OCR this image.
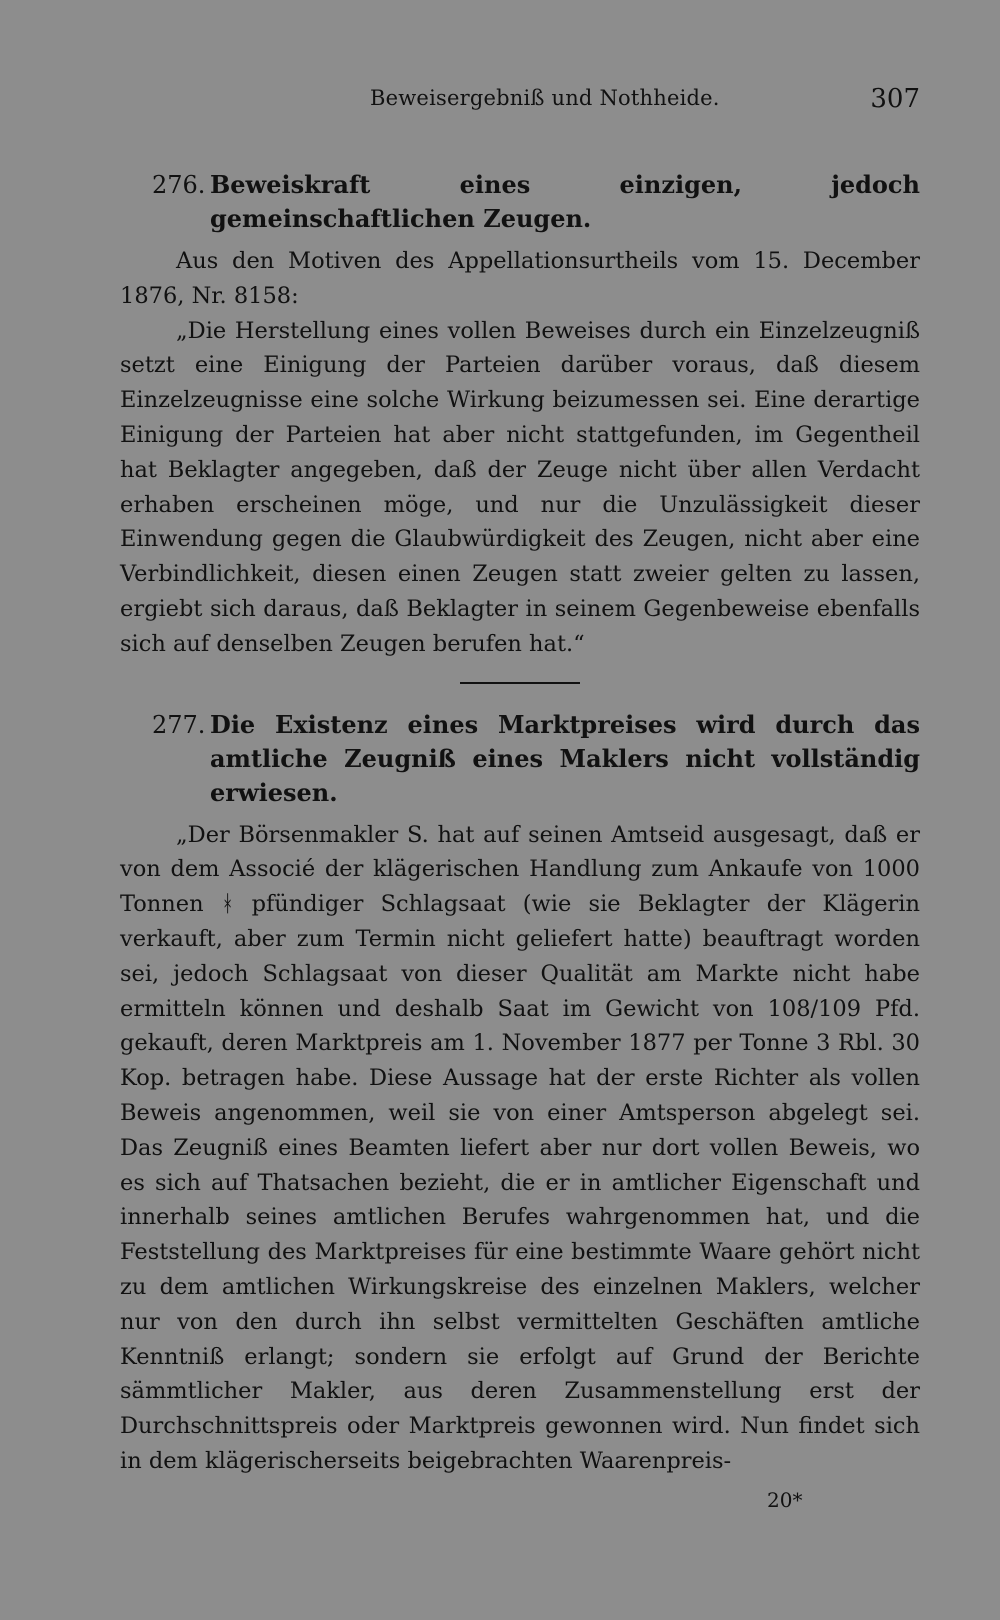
Beweisergebniß und Nothheide.	307
276. Beweiskraft eines einzigen, jedoch gemeinschaftlichen Zeugen.

Aus den Motiven des Appellationsurtheils vom 15. December 1876, Nr. 8158:

„Die Herstellung eines vollen Beweises durch ein Einzelzeugniß setzt eine Einigung der Parteien darüber voraus, daß diesem Einzelzeugnisse eine solche Wirkung beizumessen sei. Eine derartige Einigung der Parteien hat aber nicht stattgefunden, im Gegentheil hat Beklagter angegeben, daß der Zeuge nicht über allen Verdacht erhaben erscheinen möge, und nur die Unzulässigkeit dieser Einwendung gegen die Glaubwürdigkeit des Zeugen, nicht aber eine Verbindlichkeit, diesen einen Zeugen statt zweier gelten zu lassen, ergiebt sich daraus, daß Beklagter in seinem Gegenbeweise ebenfalls sich auf denselben Zeugen berufen hat.“

277. Die Existenz eines Marktpreises wird durch das amtliche Zeugniß eines Maklers nicht vollständig erwiesen.

„Der Börsenmakler S. hat auf seinen Amtseid ausgesagt, daß er von dem Associé der klägerischen Handlung zum Ankaufe von 1000 Tonnen ᚼ pfündiger Schlagsaat (wie sie Beklagter der Klägerin verkauft, aber zum Termin nicht geliefert hatte) beauftragt worden sei, jedoch Schlagsaat von dieser Qualität am Markte nicht habe ermitteln können und deshalb Saat im Gewicht von 108/109 Pfd. gekauft, deren Marktpreis am 1. November 1877 per Tonne 3 Rbl. 30 Kop. betragen habe. Diese Aussage hat der erste Richter als vollen Beweis angenommen, weil sie von einer Amtsperson abgelegt sei. Das Zeugniß eines Beamten liefert aber nur dort vollen Beweis, wo es sich auf Thatsachen bezieht, die er in amtlicher Eigenschaft und innerhalb seines amtlichen Berufes wahrgenommen hat, und die Feststellung des Marktpreises für eine bestimmte Waare gehört nicht zu dem amtlichen Wirkungskreise des einzelnen Maklers, welcher nur von den durch ihn selbst vermittelten Geschäften amtliche Kenntniß erlangt; sondern sie erfolgt auf Grund der Berichte sämmtlicher Makler, aus deren Zusammenstellung erst der Durchschnittspreis oder Marktpreis gewonnen wird. Nun findet sich in dem klägerischerseits beigebrachten Waarenpreis-

20*
